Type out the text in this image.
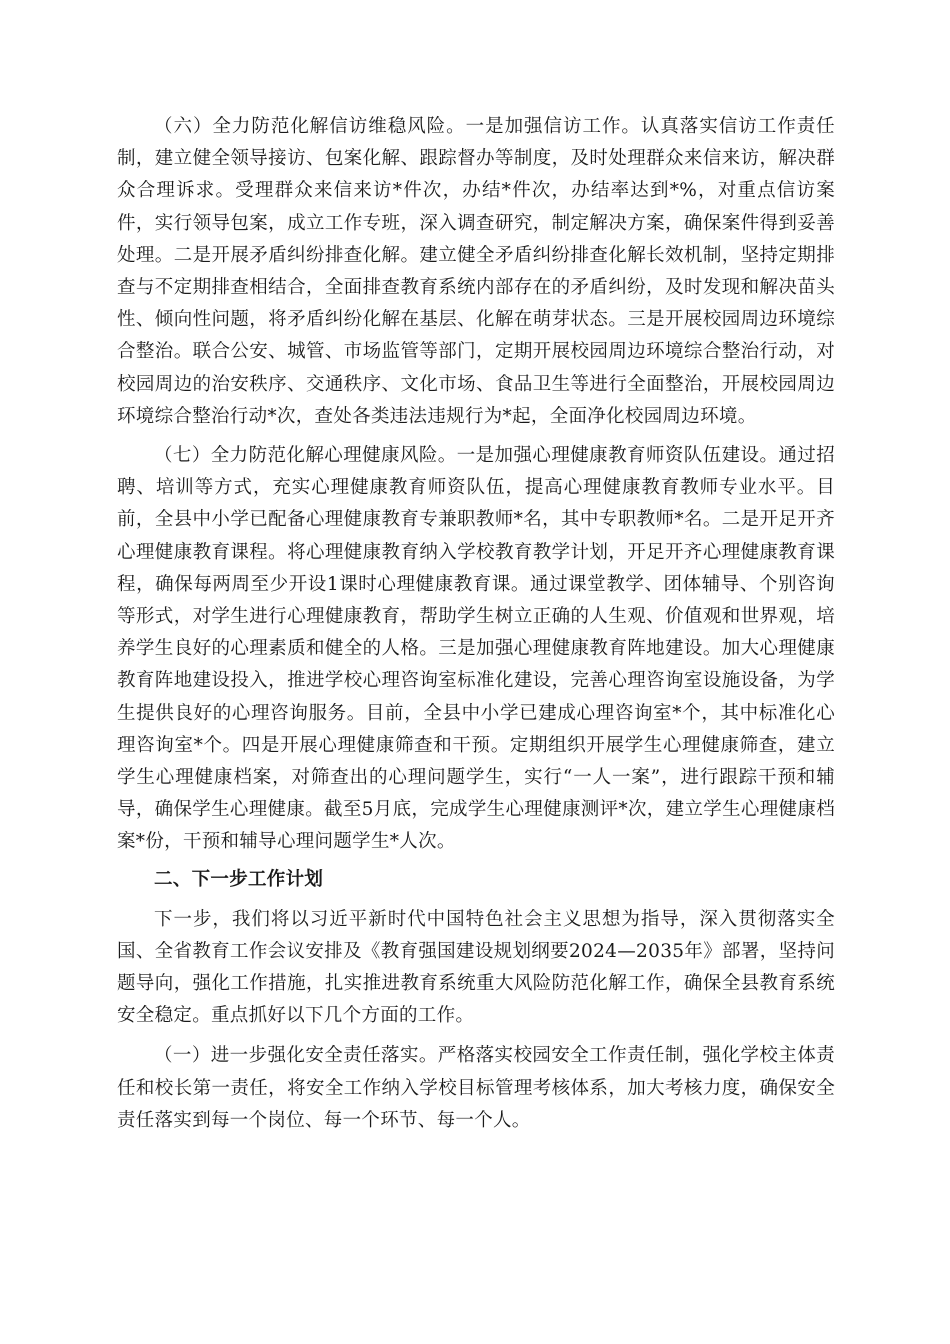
（六）全力防范化解信访维稳风险。一是加强信访工作。认真落实信访工作责任制，建立健全领导接访、包案化解、跟踪督办等制度，及时处理群众来信来访，解决群众合理诉求。受理群众来信来访*件次，办结*件次，办结率达到*%，对重点信访案件，实行领导包案，成立工作专班，深入调查研究，制定解决方案，确保案件得到妥善处理。二是开展矛盾纠纷排查化解。建立健全矛盾纠纷排查化解长效机制，坚持定期排查与不定期排查相结合，全面排查教育系统内部存在的矛盾纠纷，及时发现和解决苗头性、倾向性问题，将矛盾纠纷化解在基层、化解在萌芽状态。三是开展校园周边环境综合整治。联合公安、城管、市场监管等部门，定期开展校园周边环境综合整治行动，对校园周边的治安秩序、交通秩序、文化市场、食品卫生等进行全面整治，开展校园周边环境综合整治行动*次，查处各类违法违规行为*起，全面净化校园周边环境。

（七）全力防范化解心理健康风险。一是加强心理健康教育师资队伍建设。通过招聘、培训等方式，充实心理健康教育师资队伍，提高心理健康教育教师专业水平。目前，全县中小学已配备心理健康教育专兼职教师*名，其中专职教师*名。二是开足开齐心理健康教育课程。将心理健康教育纳入学校教育教学计划，开足开齐心理健康教育课程，确保每两周至少开设1课时心理健康教育课。通过课堂教学、团体辅导、个别咨询等形式，对学生进行心理健康教育，帮助学生树立正确的人生观、价值观和世界观，培养学生良好的心理素质和健全的人格。三是加强心理健康教育阵地建设。加大心理健康教育阵地建设投入，推进学校心理咨询室标准化建设，完善心理咨询室设施设备，为学生提供良好的心理咨询服务。目前，全县中小学已建成心理咨询室*个，其中标准化心理咨询室*个。四是开展心理健康筛查和干预。定期组织开展学生心理健康筛查，建立学生心理健康档案，对筛查出的心理问题学生，实行“一人一案”，进行跟踪干预和辅导，确保学生心理健康。截至5月底，完成学生心理健康测评*次，建立学生心理健康档案*份，干预和辅导心理问题学生*人次。

二、下一步工作计划

下一步，我们将以习近平新时代中国特色社会主义思想为指导，深入贯彻落实全国、全省教育工作会议安排及《教育强国建设规划纲要2024—2035年》部署，坚持问题导向，强化工作措施，扎实推进教育系统重大风险防范化解工作，确保全县教育系统安全稳定。重点抓好以下几个方面的工作。

（一）进一步强化安全责任落实。严格落实校园安全工作责任制，强化学校主体责任和校长第一责任，将安全工作纳入学校目标管理考核体系，加大考核力度，确保安全责任落实到每一个岗位、每一个环节、每一个人。
